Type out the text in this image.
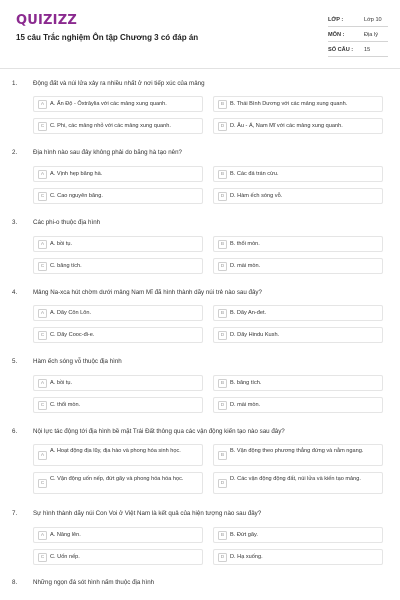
QUIZIZZ
15 câu Trắc nghiệm Ôn tập Chương 3 có đáp án
LỚP :	Lớp 10
MÔN :	Địa lý
SỐ CÂU : 15
1.	Động đất và núi lửa xảy ra nhiều nhất ở nơi tiếp xúc của mảng
A	A. Ấn Độ - Ôxtrâylia với các mảng xung quanh.	B	B. Thái Bình Dương với các mảng xung quanh.
C	C. Phi, các mảng nhỏ với các mảng xung quanh.	D	D. Âu - Á, Nam Mĩ với các mảng xung quanh.
2.	Địa hình nào sau đây không phải do băng hà tạo nên?
A	A. Vịnh hẹp băng hà.	B	B. Các đá trán cừu.
C	C. Cao nguyên băng.	D	D. Hàm ếch sóng vỗ.
3.	Các phi-o thuộc địa hình
A	A. bồi tụ.	B	B. thổi mòn.
C	C. băng tích.	D	D. mài mòn.
4.	Mảng Na-xca hút chờm dưới mảng Nam Mĩ đã hình thành dãy núi trẻ nào sau đây?
A	A. Dãy Côn Lôn.	B	B. Dãy An-đet.
C	C. Dãy Cooc-đi-e.	D	D. Dãy Hindu Kush.
5.	Hàm ếch sóng vỗ thuộc địa hình
A	A. bồi tụ.	B	B. băng tích.
C	C. thổi mòn.	D	D. mài mòn.
6.	Nội lực tác động tới địa hình bề mặt Trái Đất thông qua các vận động kiến tạo nào sau đây?
A
A. Hoạt động địa lũy, địa hào và phong hóa sinh học.
B
B. Vận động theo phương thẳng đứng và nằm ngang.
C
C. Vận động uốn nếp, đứt gãy và phong hóa hóa học.
D
D. Các vận động động đất, núi lửa và kiến tạo mảng.
7.	Sự hình thành dãy núi Con Voi ở Việt Nam là kết quả của hiện tượng nào sau đây?
A	A. Nâng lên.	B	B. Đứt gãy.
C	C. Uốn nếp.	D	D. Hạ xuống.
8.	Những ngọn đá sót hình nấm thuộc địa hình
